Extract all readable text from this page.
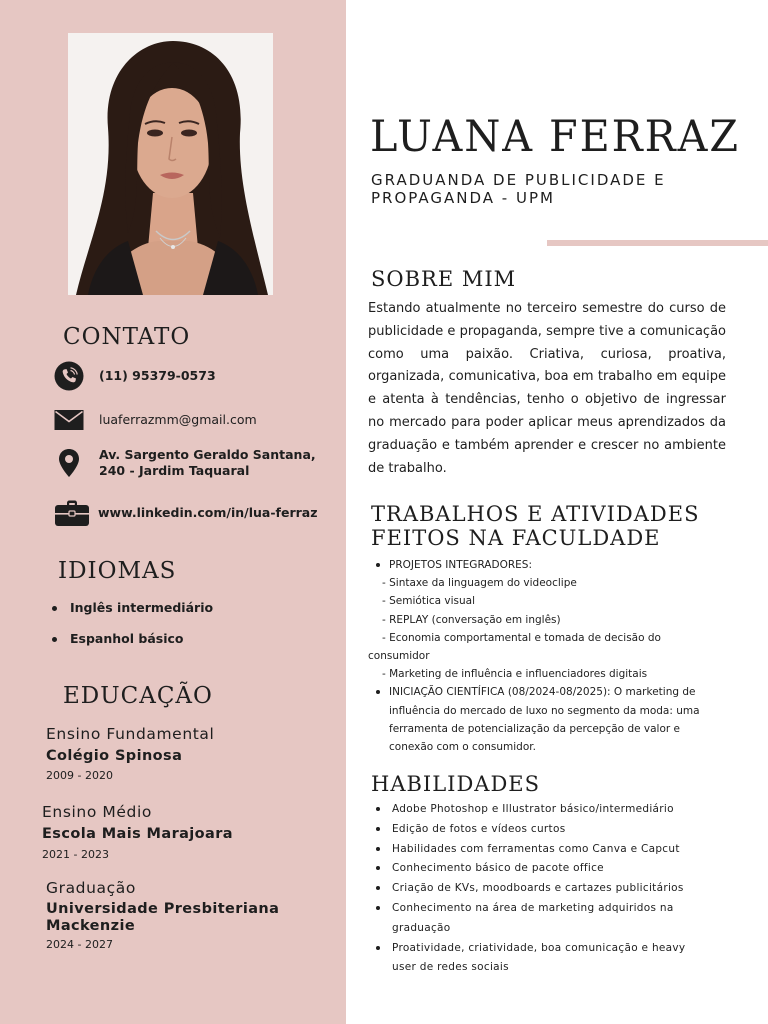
CONTATO
(11) 95379-0573
luaferrazmm@gmail.com
Av. Sargento Geraldo Santana,
240 - Jardim Taquaral
www.linkedin.com/in/lua-ferraz
IDIOMAS
Inglês intermediário
Espanhol básico
EDUCAÇÃO
Ensino Fundamental
Colégio Spinosa
2009 - 2020
Ensino Médio
Escola Mais Marajoara
2021 - 2023
Graduação
Universidade Presbiteriana Mackenzie
2024 - 2027
LUANA FERRAZ
GRADUANDA DE PUBLICIDADE E PROPAGANDA - UPM
SOBRE MIM

Estando atualmente no terceiro semestre do curso de publicidade e propaganda, sempre tive a comunicação como uma paixão. Criativa, curiosa, proativa, organizada, comunicativa, boa em trabalho em equipe e atenta à tendências, tenho o objetivo de ingressar no mercado para poder aplicar meus aprendizados da graduação e também aprender e crescer no ambiente de trabalho.

TRABALHOS E ATIVIDADES
FEITOS NA FACULDADE
PROJETOS INTEGRADORES:
- Sintaxe da linguagem do videoclipe
- Semiótica visual
- REPLAY (conversação em inglês)
- Economia comportamental e tomada de decisão do consumidor
- Marketing de influência e influenciadores digitais
INICIAÇÃO CIENTÍFICA (08/2024-08/2025): O marketing de influência do mercado de luxo no segmento da moda: uma ferramenta de potencialização da percepção de valor e conexão com o consumidor.
HABILIDADES
Adobe Photoshop e Illustrator básico/intermediário
Edição de fotos e vídeos curtos
Habilidades com ferramentas como Canva e Capcut
Conhecimento básico de pacote office
Criação de KVs, moodboards e cartazes publicitários
Conhecimento na área de marketing adquiridos na graduação
Proatividade, criatividade, boa comunicação e heavy user de redes sociais
